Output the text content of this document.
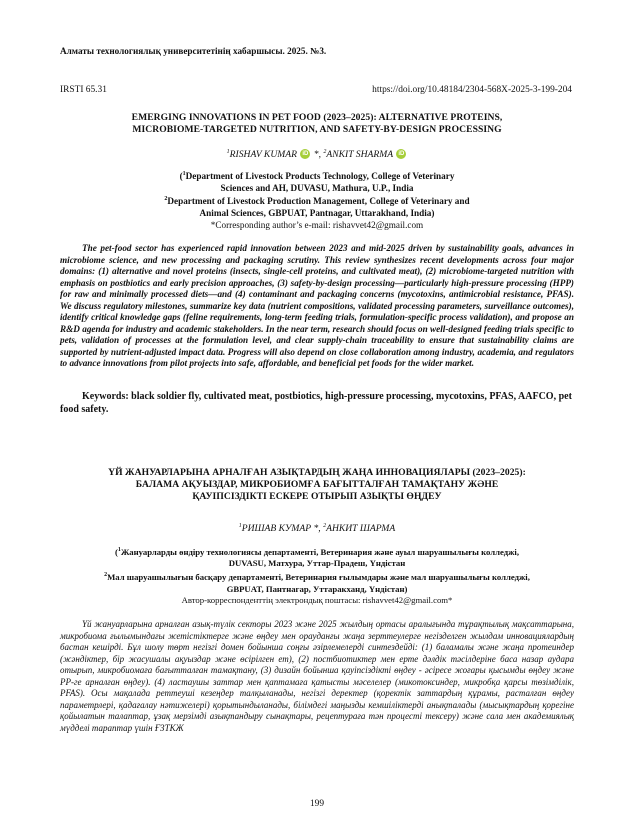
Алматы технологиялық университетінің хабаршысы. 2025. №3.
IRSTI 65.31	https://doi.org/10.48184/2304-568X-2025-3-199-204
EMERGING INNOVATIONS IN PET FOOD (2023–2025): ALTERNATIVE PROTEINS,
MICROBIOME-TARGETED NUTRITION, AND SAFETY-BY-DESIGN PROCESSING
$^1$RISHAV KUMAR iD *, $^2$ANKIT SHARMA iD
($^1$Department of Livestock Products Technology, College of Veterinary
Sciences and AH, DUVASU, Mathura, U.P., India
$^2$Department of Livestock Production Management, College of Veterinary and
Animal Sciences, GBPUAT, Pantnagar, Uttarakhand, India)
*Corresponding author’s e-mail: rishavvet42@gmail.com
The pet-food sector has experienced rapid innovation between 2023 and mid-2025 driven by sustainability goals, advances in microbiome science, and new processing and packaging scrutiny. This review synthesizes recent developments across four major domains: (1) alternative and novel proteins (insects, single-cell proteins, and cultivated meat), (2) microbiome-targeted nutrition with emphasis on postbiotics and early precision approaches, (3) safety-by-design processing—particularly high-pressure processing (HPP) for raw and minimally processed diets—and (4) contaminant and packaging concerns (mycotoxins, antimicrobial resistance, PFAS). We discuss regulatory milestones, summarize key data (nutrient compositions, validated processing parameters, surveillance outcomes), identify critical knowledge gaps (feline requirements, long-term feeding trials, formulation-specific process validation), and propose an R&D agenda for industry and academic stakeholders. In the near term, research should focus on well-designed feeding trials specific to pets, validation of processes at the formulation level, and clear supply-chain traceability to ensure that sustainability claims are supported by nutrient-adjusted impact data. Progress will also depend on close collaboration among industry, academia, and regulators to advance innovations from pilot projects into safe, affordable, and beneficial pet foods for the wider market.
Keywords: black soldier fly, cultivated meat, postbiotics, high-pressure processing, mycotoxins, PFAS, AAFCO, pet food safety.
ҮЙ ЖАНУАРЛАРЫНА АРНАЛҒАН АЗЫҚТАРДЫҢ ЖАҢА ИННОВАЦИЯЛАРЫ (2023–2025):
БАЛАМА АҚУЫЗДАР, МИКРОБИОМҒА БАҒЫТТАЛҒАН ТАМАҚТАНУ ЖӘНЕ
ҚАУІПСІЗДІКТІ ЕСКЕРЕ ОТЫРЫП АЗЫҚТЫ ӨҢДЕУ
$^1$РИШАВ КУМАР *, $^2$АНКИТ ШАРМА
($^1$Жануарларды өндіру технологиясы департаменті, Ветеринария және ауыл шаруашылығы колледжі,
DUVASU, Матхура, Уттар-Прадеш, Үндістан
$^2$Мал шаруашылығын басқару департаменті, Ветеринария ғылымдары және мал шаруашылығы колледжі,
GBPUAT, Пантнагар, Уттаракханд, Үндістан)
Автор-корреспонденттің электрондық поштасы: rishavvet42@gmail.com*
Үй жануарларына арналған азық-түлік секторы 2023 және 2025 жылдың ортасы аралығында тұрақтылық мақсаттарына, микробиома ғылымындағы жетістіктерге және өңдеу мен орауданғы жаңа зерттеулерге негізделген жылдам инновациялардың бастан кешірді. Бұл шолу төрт негізгі домен бойынша соңғы әзірлемелерді синтездейді: (1) баламалы және жаңа протеиндер (жәндіктер, бір жасушалы ақуыздар және өсірілген ет), (2) постбиотиктер мен ерте дәлдік тәсілдеріне баса назар аудара отырып, микробиомаға бағытталған тамақтану, (3) дизайн бойынша қауіпсіздікті өңдеу - әсіресе жоғары қысымды өңдеу және РР-ге арналған өңдеу). (4) ластаушы заттар мен қаптамаға қатысты мәселелер (микотоксиндер, микробқа қарсы төзімділік, PFAS). Осы мақалада реттеуші кезеңдер талқыланады, негізгі деректер (қоректік заттардың құрамы, расталған өңдеу параметрлері, қадағалау нәтижелері) қорытындыланады, білімдегі маңызды кемшіліктерді анықталады (мысықтардың қорегіне қойылатын талаптар, ұзақ мерзімді азықтандыру сынақтары, рецептураға тән процесті тексеру) және сала мен академиялық мүдделі тараптар үшін ҒЗТКЖ
199
